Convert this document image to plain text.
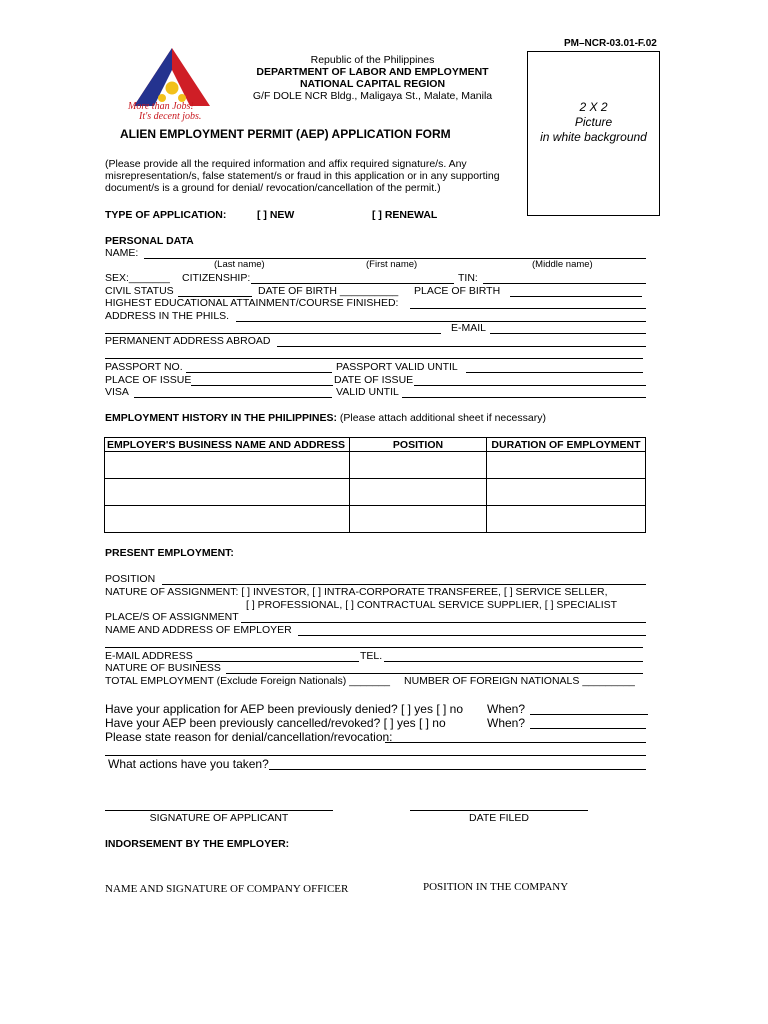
PM–NCR-03.01-F.02
More than Jobs!
It's decent jobs.
Republic of the Philippines
DEPARTMENT OF LABOR AND EMPLOYMENT
NATIONAL CAPITAL REGION
G/F DOLE NCR Bldg., Maligaya St., Malate, Manila
2 X 2
Picture
in white background
ALIEN EMPLOYMENT PERMIT (AEP) APPLICATION FORM
(Please provide all the required information and affix required signature/s. Any
misrepresentation/s, false statement/s or fraud in this application or in any supporting
document/s is a ground for denial/ revocation/cancellation of the permit.)
TYPE OF APPLICATION:	[ ] NEW	[ ] RENEWAL
PERSONAL DATA
NAME:
(Last name)	(First name)	(Middle name)
SEX:_______ CITIZENSHIP:	TIN:
CIVIL STATUS	DATE OF BIRTH __________ PLACE OF BIRTH
HIGHEST EDUCATIONAL ATTAINMENT/COURSE FINISHED:
ADDRESS IN THE PHILS.
E-MAIL
PERMANENT ADDRESS ABROAD
PASSPORT NO.	PASSPORT VALID UNTIL
PLACE OF ISSUE	DATE OF ISSUE
VISA	VALID UNTIL
EMPLOYMENT HISTORY IN THE PHILIPPINES: (Please attach additional sheet if necessary)
EMPLOYER'S BUSINESS NAME AND ADDRESS	POSITION	DURATION OF EMPLOYMENT

PRESENT EMPLOYMENT:
POSITION
NATURE OF ASSIGNMENT: [ ] INVESTOR, [ ] INTRA-CORPORATE TRANSFEREE, [ ] SERVICE SELLER,
[ ] PROFESSIONAL, [ ] CONTRACTUAL SERVICE SUPPLIER, [ ] SPECIALIST
PLACE/S OF ASSIGNMENT
NAME AND ADDRESS OF EMPLOYER
E-MAIL ADDRESS	TEL.
NATURE OF BUSINESS
TOTAL EMPLOYMENT (Exclude Foreign Nationals) _______ NUMBER OF FOREIGN NATIONALS _________
Have your application for AEP been previously denied? [ ] yes [ ] no When?
Have your AEP been previously cancelled/revoked? [ ] yes [ ] no	When?
Please state reason for denial/cancellation/revocation:
What actions have you taken?
SIGNATURE OF APPLICANT	DATE FILED
INDORSEMENT BY THE EMPLOYER:
NAME AND SIGNATURE OF COMPANY OFFICER	POSITION IN THE COMPANY
